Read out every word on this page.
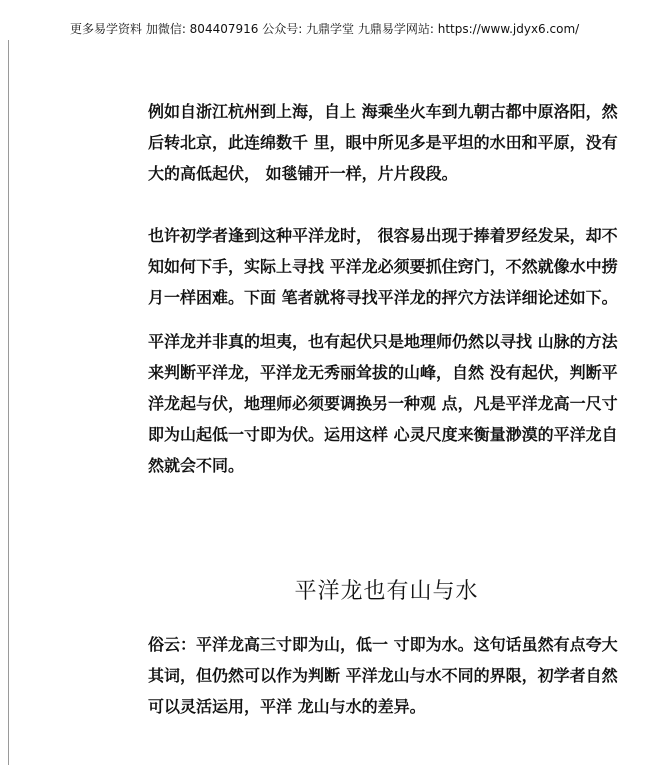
更多易学资料 加微信: 804407916 公众号: 九鼎学堂 九鼎易学网站: https://www.jdyx6.com/
例如自浙江杭州到上海，自上 海乘坐火车到九朝古都中原洛阳，然
后转北京，此连绵数千 里，眼中所见多是平坦的水田和平原，没有
大的高低起伏， 如毯铺开一样，片片段段。
也许初学者逢到这种平洋龙时， 很容易出现于捧着罗经发呆，却不
知如何下手，实际上寻找 平洋龙必须要抓住窍门，不然就像水中捞
月一样困难。下面 笔者就将寻找平洋龙的抨穴方法详细论述如下。
平洋龙并非真的坦夷，也有起伏只是地理师仍然以寻找 山脉的方法
来判断平洋龙，平洋龙无秀丽耸拔的山峰，自然 没有起伏，判断平
洋龙起与伏，地理师必须要调换另一种观 点，凡是平洋龙高一尺寸
即为山起低一寸即为伏。运用这样 心灵尺度来衡量渺漠的平洋龙自
然就会不同。
平洋龙也有山与水
俗云：平洋龙高三寸即为山，低一 寸即为水。这句话虽然有点夸大
其词，但仍然可以作为判断 平洋龙山与水不同的界限，初学者自然
可以灵活运用，平洋 龙山与水的差异。
